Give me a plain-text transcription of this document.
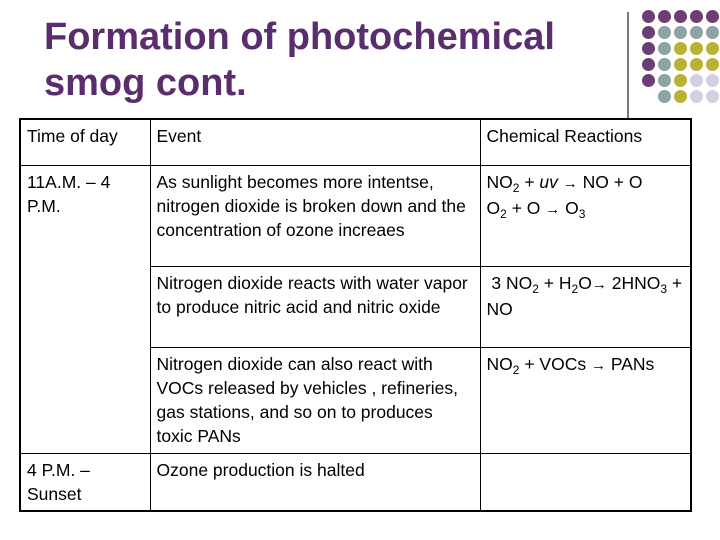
Formation of photochemical
smog cont.
Time of day	Event	Chemical Reactions
11A.M. – 4 P.M.	As sunlight becomes more intentse, nitrogen dioxide is broken down and the concentration of ozone increaes	$NO_2$ + uv → NO + O
$O_2 + O \to O_3$
	Nitrogen dioxide reacts with water vapor to produce nitric acid and nitric oxide	3 $NO_2 + H_2O\to 2HNO_3$ + NO
	Nitrogen dioxide can also react with VOCs released by vehicles , refineries, gas stations, and so on to produces toxic PANs	$NO_2$ + VOCs → PANs
4 P.M. – Sunset	Ozone production is halted	
